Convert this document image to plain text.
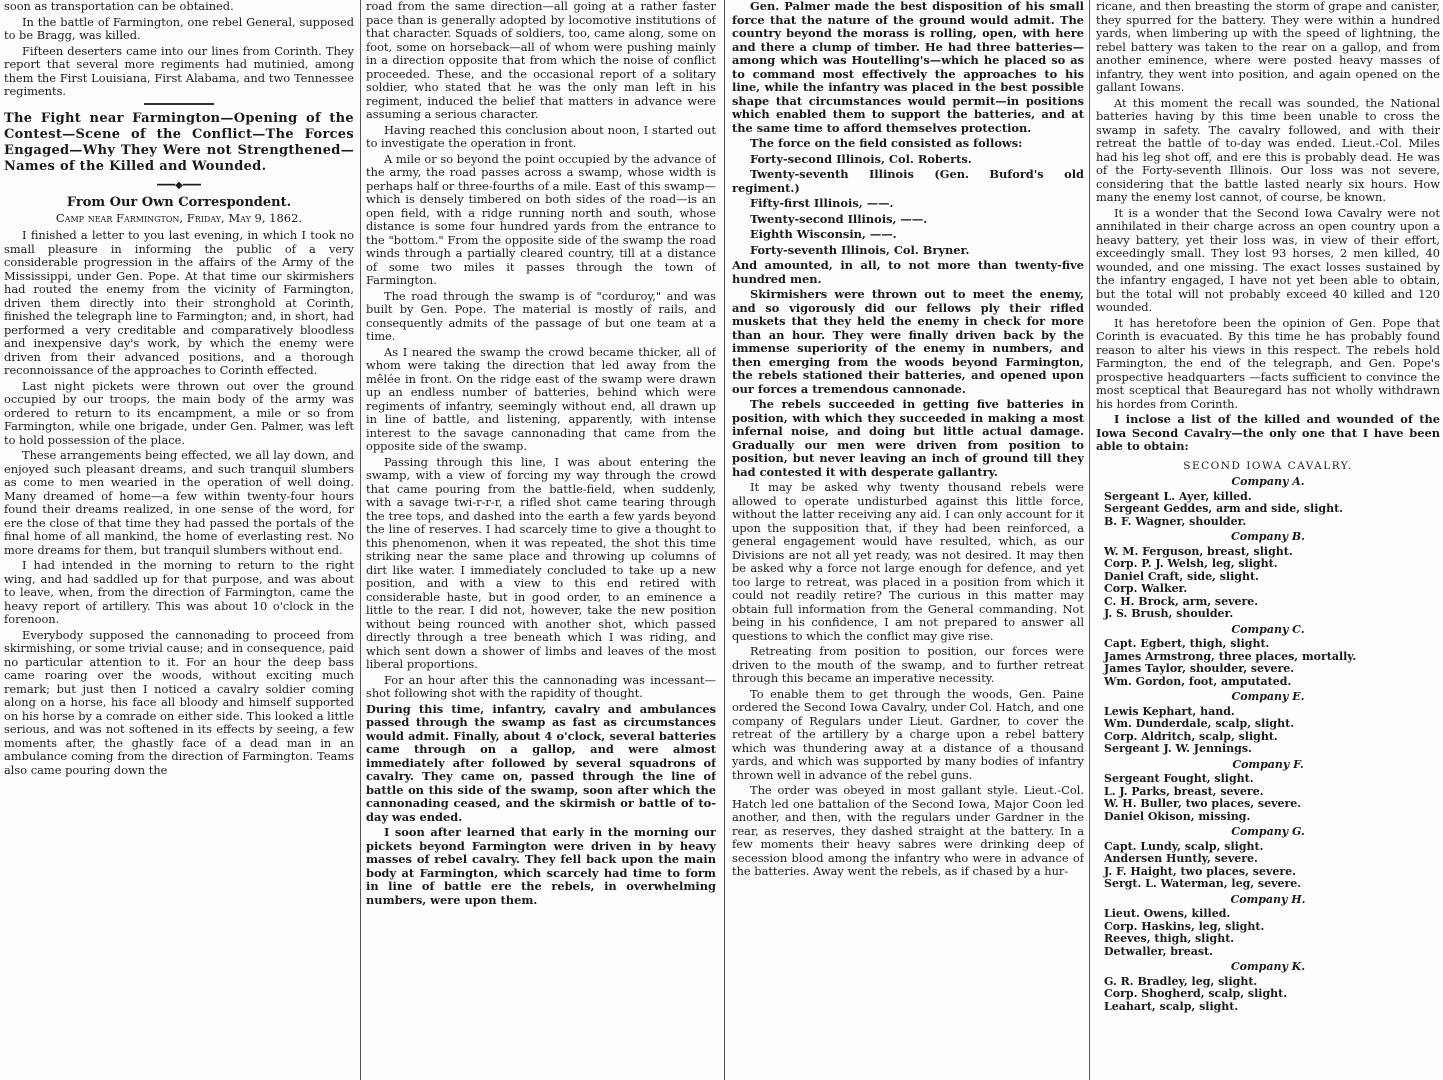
soon as transportation can be obtained.

In the battle of Farmington, one rebel General, supposed to be Bragg, was killed.

Fifteen deserters came into our lines from Corinth. They report that several more regiments had mutinied, among them the First Louisiana, First Alabama, and two Tennessee regiments.

The Fight near Farmington—Opening of the Contest—Scene of the Conflict—The Forces Engaged—Why They Were not Strengthened—Names of the Killed and Wounded.
━━━◆━━━
From Our Own Correspondent.
Camp near Farmington, Friday, May 9, 1862.

I finished a letter to you last evening, in which I took no small pleasure in informing the public of a very considerable progression in the affairs of the Army of the Mississippi, under Gen. Pope. At that time our skirmishers had routed the enemy from the vicinity of Farmington, driven them directly into their stronghold at Corinth, finished the telegraph line to Farmington; and, in short, had performed a very creditable and comparatively bloodless and inexpensive day's work, by which the enemy were driven from their advanced positions, and a thorough reconnoissance of the approaches to Corinth effected.

Last night pickets were thrown out over the ground occupied by our troops, the main body of the army was ordered to return to its encampment, a mile or so from Farmington, while one brigade, under Gen. Palmer, was left to hold possession of the place.

These arrangements being effected, we all lay down, and enjoyed such pleasant dreams, and such tranquil slumbers as come to men wearied in the operation of well doing. Many dreamed of home—a few within twenty-four hours found their dreams realized, in one sense of the word, for ere the close of that time they had passed the portals of the final home of all mankind, the home of everlasting rest. No more dreams for them, but tranquil slumbers without end.

I had intended in the morning to return to the right wing, and had saddled up for that purpose, and was about to leave, when, from the direction of Farmington, came the heavy report of artillery. This was about 10 o'clock in the forenoon.

Everybody supposed the cannonading to proceed from skirmishing, or some trivial cause; and in consequence, paid no particular attention to it. For an hour the deep bass came roaring over the woods, without exciting much remark; but just then I noticed a cavalry soldier coming along on a horse, his face all bloody and himself supported on his horse by a comrade on either side. This looked a little serious, and was not softened in its effects by seeing, a few moments after, the ghastly face of a dead man in an ambulance coming from the direction of Farmington. Teams also came pouring down the

road from the same direction—all going at a rather faster pace than is generally adopted by locomotive institutions of that character. Squads of soldiers, too, came along, some on foot, some on horseback—all of whom were pushing mainly in a direction opposite that from which the noise of conflict proceeded. These, and the occasional report of a solitary soldier, who stated that he was the only man left in his regiment, induced the belief that matters in advance were assuming a serious character.

Having reached this conclusion about noon, I started out to investigate the operation in front.

A mile or so beyond the point occupied by the advance of the army, the road passes across a swamp, whose width is perhaps half or three-fourths of a mile. East of this swamp—which is densely timbered on both sides of the road—is an open field, with a ridge running north and south, whose distance is some four hundred yards from the entrance to the "bottom." From the opposite side of the swamp the road winds through a partially cleared country, till at a distance of some two miles it passes through the town of Farmington.

The road through the swamp is of "corduroy," and was built by Gen. Pope. The material is mostly of rails, and consequently admits of the passage of but one team at a time.

As I neared the swamp the crowd became thicker, all of whom were taking the direction that led away from the mêlée in front. On the ridge east of the swamp were drawn up an endless number of batteries, behind which were regiments of infantry, seemingly without end, all drawn up in line of battle, and listening, apparently, with intense interest to the savage cannonading that came from the opposite side of the swamp.

Passing through this line, I was about entering the swamp, with a view of forcing my way through the crowd that came pouring from the battle-field, when suddenly, with a savage twi-r-r-r, a rifled shot came tearing through the tree tops, and dashed into the earth a few yards beyond the line of reserves. I had scarcely time to give a thought to this phenomenon, when it was repeated, the shot this time striking near the same place and throwing up columns of dirt like water. I immediately concluded to take up a new position, and with a view to this end retired with considerable haste, but in good order, to an eminence a little to the rear. I did not, however, take the new position without being rounced with another shot, which passed directly through a tree beneath which I was riding, and which sent down a shower of limbs and leaves of the most liberal proportions.

For an hour after this the cannonading was incessant—shot following shot with the rapidity of thought.

During this time, infantry, cavalry and ambulances passed through the swamp as fast as circumstances would admit. Finally, about 4 o'clock, several batteries came through on a gallop, and were almost immediately after followed by several squadrons of cavalry. They came on, passed through the line of battle on this side of the swamp, soon after which the cannonading ceased, and the skirmish or battle of to-day was ended.

I soon after learned that early in the morning our pickets beyond Farmington were driven in by heavy masses of rebel cavalry. They fell back upon the main body at Farmington, which scarcely had time to form in line of battle ere the rebels, in overwhelming numbers, were upon them.

Gen. Palmer made the best disposition of his small force that the nature of the ground would admit. The country beyond the morass is rolling, open, with here and there a clump of timber. He had three batteries—among which was Houtelling's—which he placed so as to command most effectively the approaches to his line, while the infantry was placed in the best possible shape that circumstances would permit—in positions which enabled them to support the batteries, and at the same time to afford themselves protection.

The force on the field consisted as follows:

Forty-second Illinois, Col. Roberts.

Twenty-seventh Illinois (Gen. Buford's old regiment.)

Fifty-first Illinois, ——.

Twenty-second Illinois, ——.

Eighth Wisconsin, ——.

Forty-seventh Illinois, Col. Bryner.

And amounted, in all, to not more than twenty-five hundred men.

Skirmishers were thrown out to meet the enemy, and so vigorously did our fellows ply their rifled muskets that they held the enemy in check for more than an hour. They were finally driven back by the immense superiority of the enemy in numbers, and then emerging from the woods beyond Farmington, the rebels stationed their batteries, and opened upon our forces a tremendous cannonade.

The rebels succeeded in getting five batteries in position, with which they succeeded in making a most infernal noise, and doing but little actual damage. Gradually our men were driven from position to position, but never leaving an inch of ground till they had contested it with desperate gallantry.

It may be asked why twenty thousand rebels were allowed to operate undisturbed against this little force, without the latter receiving any aid. I can only account for it upon the supposition that, if they had been reinforced, a general engagement would have resulted, which, as our Divisions are not all yet ready, was not desired. It may then be asked why a force not large enough for defence, and yet too large to retreat, was placed in a position from which it could not readily retire? The curious in this matter may obtain full information from the General commanding. Not being in his confidence, I am not prepared to answer all questions to which the conflict may give rise.

Retreating from position to position, our forces were driven to the mouth of the swamp, and to further retreat through this became an imperative necessity.

To enable them to get through the woods, Gen. Paine ordered the Second Iowa Cavalry, under Col. Hatch, and one company of Regulars under Lieut. Gardner, to cover the retreat of the artillery by a charge upon a rebel battery which was thundering away at a distance of a thousand yards, and which was supported by many bodies of infantry thrown well in advance of the rebel guns.

The order was obeyed in most gallant style. Lieut.-Col. Hatch led one battalion of the Second Iowa, Major Coon led another, and then, with the regulars under Gardner in the rear, as reserves, they dashed straight at the battery. In a few moments their heavy sabres were drinking deep of secession blood among the infantry who were in advance of the batteries. Away went the rebels, as if chased by a hur-

ricane, and then breasting the storm of grape and canister, they spurred for the battery. They were within a hundred yards, when limbering up with the speed of lightning, the rebel battery was taken to the rear on a gallop, and from another eminence, where were posted heavy masses of infantry, they went into position, and again opened on the gallant Iowans.

At this moment the recall was sounded, the National batteries having by this time been unable to cross the swamp in safety. The cavalry followed, and with their retreat the battle of to-day was ended. Lieut.-Col. Miles had his leg shot off, and ere this is probably dead. He was of the Forty-seventh Illinois. Our loss was not severe, considering that the battle lasted nearly six hours. How many the enemy lost cannot, of course, be known.

It is a wonder that the Second Iowa Cavalry were not annihilated in their charge across an open country upon a heavy battery, yet their loss was, in view of their effort, exceedingly small. They lost 93 horses, 2 men killed, 40 wounded, and one missing. The exact losses sustained by the infantry engaged, I have not yet been able to obtain, but the total will not probably exceed 40 killed and 120 wounded.

It has heretofore been the opinion of Gen. Pope that Corinth is evacuated. By this time he has probably found reason to alter his views in this respect. The rebels hold Farmington, the end of the telegraph, and Gen. Pope's prospective headquarters —facts sufficient to convince the most sceptical that Beauregard has not wholly withdrawn his hordes from Corinth.

I inclose a list of the killed and wounded of the Iowa Second Cavalry—the only one that I have been able to obtain:

SECOND IOWA CAVALRY.
Company A.

Sergeant L. Ayer, killed.

Sergeant Geddes, arm and side, slight.

B. F. Wagner, shoulder.

Company B.

W. M. Ferguson, breast, slight.

Corp. P. J. Welsh, leg, slight.

Daniel Craft, side, slight.

Corp. Walker.

C. H. Brock, arm, severe.

J. S. Brush, shoulder.

Company C.

Capt. Egbert, thigh, slight.

James Armstrong, three places, mortally.

James Taylor, shoulder, severe.

Wm. Gordon, foot, amputated.

Company E.

Lewis Kephart, hand.

Wm. Dunderdale, scalp, slight.

Corp. Aldritch, scalp, slight.

Sergeant J. W. Jennings.

Company F.

Sergeant Fought, slight.

L. J. Parks, breast, severe.

W. H. Buller, two places, severe.

Daniel Okison, missing.

Company G.

Capt. Lundy, scalp, slight.

Andersen Huntly, severe.

J. F. Haight, two places, severe.

Sergt. L. Waterman, leg, severe.

Company H.

Lieut. Owens, killed.

Corp. Haskins, leg, slight.

Reeves, thigh, slight.

Detwaller, breast.

Company K.

G. R. Bradley, leg, slight.

Corp. Shogherd, scalp, slight.

Leahart, scalp, slight.
